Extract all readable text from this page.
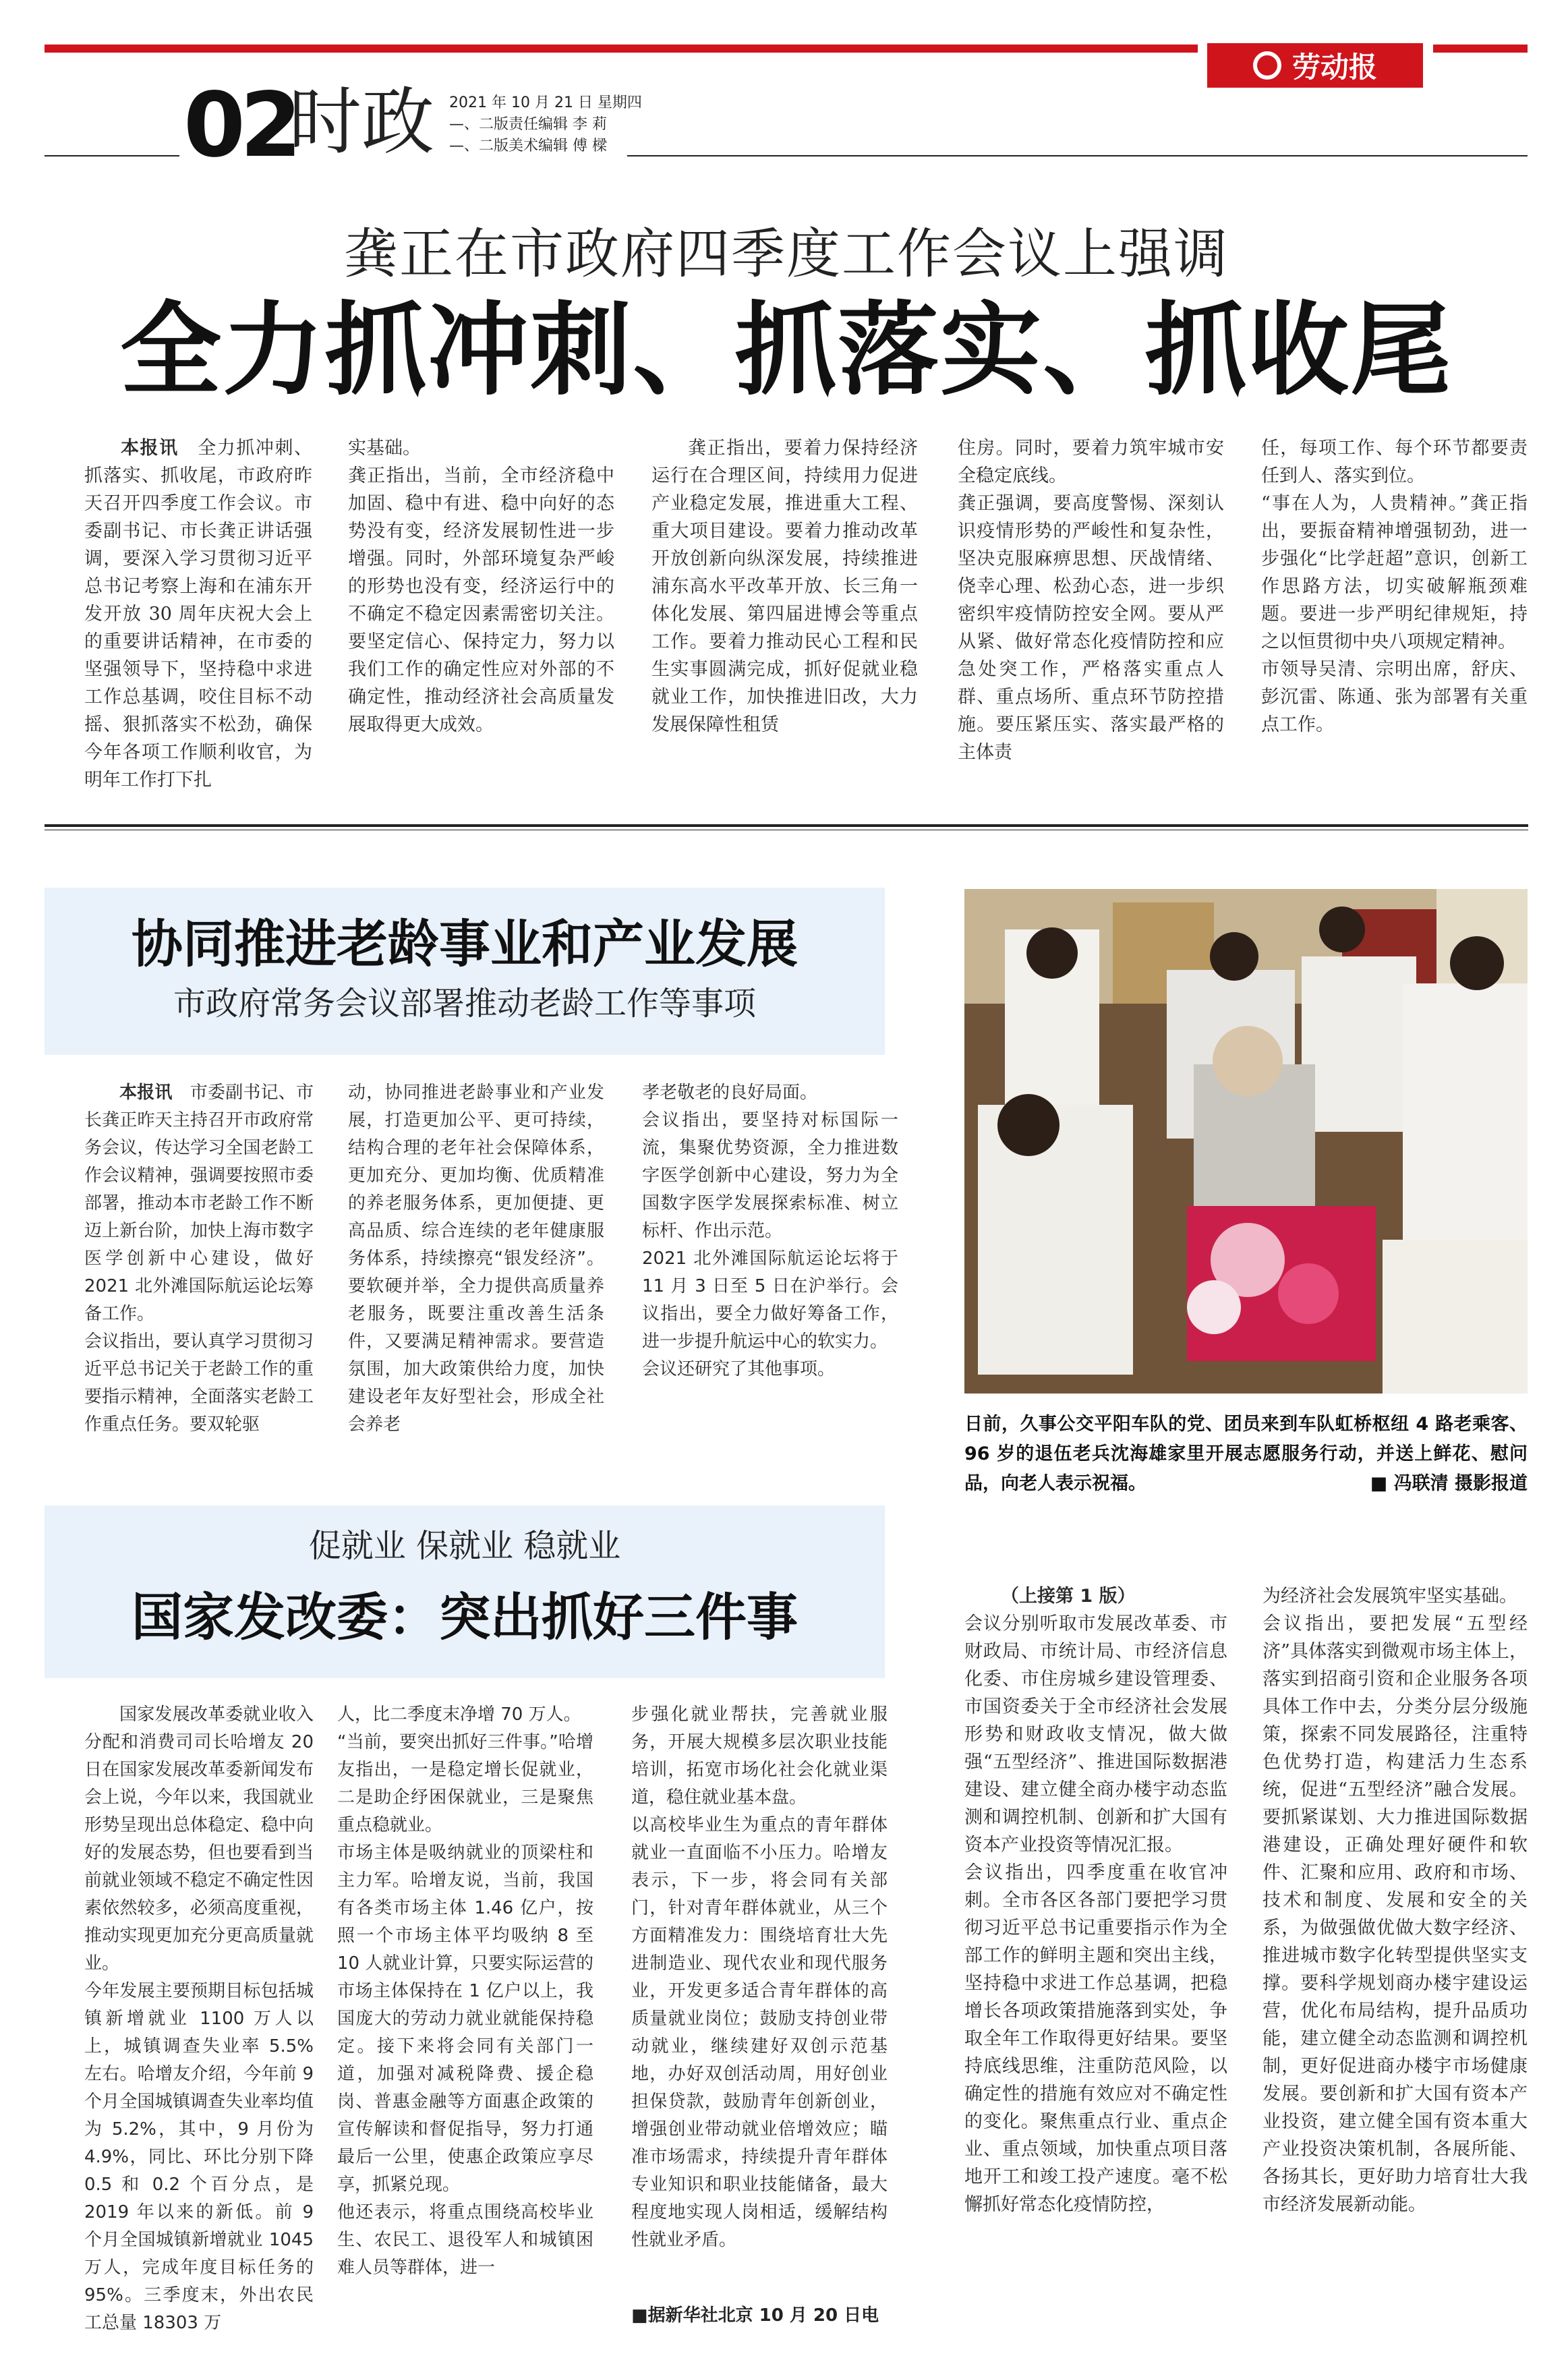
劳动报
02
时政 2021 年 10 月 21 日 星期四
—、二版责任编辑 李 莉
—、二版美术编辑 傅 樑
龚正在市政府四季度工作会议上强调
全力抓冲刺、抓落实、抓收尾
本报讯　 全力抓冲刺、抓落实、抓收尾，市政府昨天召开四季度工作会议。市委副书记、市长龚正讲话强调，要深入学习贯彻习近平总书记考察上海和在浦东开发开放 30 周年庆祝大会上的重要讲话精神，在市委的坚强领导下，坚持稳中求进工作总基调，咬住目标不动摇、狠抓落实不松劲，确保今年各项工作顺利收官，为明年工作打下扎
实基础。
龚正指出，当前，全市经济稳中加固、稳中有进、稳中向好的态势没有变，经济发展韧性进一步增强。同时，外部环境复杂严峻的形势也没有变，经济运行中的不确定不稳定因素需密切关注。要坚定信心、保持定力，努力以我们工作的确定性应对外部的不确定性，推动经济社会高质量发展取得更大成效。
龚正指出，要着力保持经济运行在合理区间，持续用力促进产业稳定发展，推进重大工程、重大项目建设。要着力推动改革开放创新向纵深发展，持续推进浦东高水平改革开放、长三角一体化发展、第四届进博会等重点工作。要着力推动民心工程和民生实事圆满完成，抓好促就业稳就业工作，加快推进旧改，大力发展保障性租赁
住房。同时，要着力筑牢城市安全稳定底线。
龚正强调，要高度警惕、深刻认识疫情形势的严峻性和复杂性，坚决克服麻痹思想、厌战情绪、侥幸心理、松劲心态，进一步织密织牢疫情防控安全网。要从严从紧、做好常态化疫情防控和应急处突工作，严格落实重点人群、重点场所、重点环节防控措施。要压紧压实、落实最严格的主体责
任，每项工作、每个环节都要责任到人、落实到位。
“事在人为，人贵精神。”龚正指出，要振奋精神增强韧劲，进一步强化“比学赶超”意识，创新工作思路方法，切实破解瓶颈难题。要进一步严明纪律规矩，持之以恒贯彻中央八项规定精神。
市领导吴清、宗明出席，舒庆、彭沉雷、陈通、张为部署有关重点工作。
协同推进老龄事业和产业发展
市政府常务会议部署推动老龄工作等事项
本报讯　 市委副书记、市长龚正昨天主持召开市政府常务会议，传达学习全国老龄工作会议精神，强调要按照市委部署，推动本市老龄工作不断迈上新台阶，加快上海市数字医学创新中心建设，做好 2021 北外滩国际航运论坛筹备工作。
会议指出，要认真学习贯彻习近平总书记关于老龄工作的重要指示精神，全面落实老龄工作重点任务。要双轮驱
动，协同推进老龄事业和产业发展，打造更加公平、更可持续，结构合理的老年社会保障体系，更加充分、更加均衡、优质精准的养老服务体系，更加便捷、更高品质、综合连续的老年健康服务体系，持续擦亮“银发经济”。要软硬并举，全力提供高质量养老服务，既要注重改善生活条件，又要满足精神需求。要营造氛围，加大政策供给力度，加快建设老年友好型社会，形成全社会养老
孝老敬老的良好局面。
会议指出，要坚持对标国际一流，集聚优势资源，全力推进数字医学创新中心建设，努力为全国数字医学发展探索标准、树立标杆、作出示范。
2021 北外滩国际航运论坛将于 11 月 3 日至 5 日在沪举行。会议指出，要全力做好筹备工作，进一步提升航运中心的软实力。
会议还研究了其他事项。
日前，久事公交平阳车队的党、团员来到车队虹桥枢纽 4 路老乘客、96 岁的退伍老兵沈海雄家里开展志愿服务行动，并送上鲜花、慰问品，向老人表示祝福。	■ 冯联清 摄影报道
促就业 保就业 稳就业
国家发改委：突出抓好三件事
国家发展改革委就业收入分配和消费司司长哈增友 20 日在国家发展改革委新闻发布会上说，今年以来，我国就业形势呈现出总体稳定、稳中向好的发展态势，但也要看到当前就业领域不稳定不确定性因素依然较多，必须高度重视，推动实现更加充分更高质量就业。
今年发展主要预期目标包括城镇新增就业 1100 万人以上，城镇调查失业率 5.5% 左右。哈增友介绍，今年前 9 个月全国城镇调查失业率均值为 5.2%，其中，9 月份为 4.9%，同比、环比分别下降 0.5 和 0.2 个百分点，是 2019 年以来的新低。前 9 个月全国城镇新增就业 1045 万人，完成年度目标任务的 95%。三季度末，外出农民工总量 18303 万
人，比二季度末净增 70 万人。
“当前，要突出抓好三件事。”哈增友指出，一是稳定增长促就业，二是助企纾困保就业，三是聚焦重点稳就业。
市场主体是吸纳就业的顶梁柱和主力军。哈增友说，当前，我国有各类市场主体 1.46 亿户，按照一个市场主体平均吸纳 8 至 10 人就业计算，只要实际运营的市场主体保持在 1 亿户以上，我国庞大的劳动力就业就能保持稳定。接下来将会同有关部门一道，加强对减税降费、援企稳岗、普惠金融等方面惠企政策的宣传解读和督促指导，努力打通最后一公里，使惠企政策应享尽享，抓紧兑现。
他还表示，将重点围绕高校毕业生、农民工、退役军人和城镇困难人员等群体，进一
步强化就业帮扶，完善就业服务，开展大规模多层次职业技能培训，拓宽市场化社会化就业渠道，稳住就业基本盘。
以高校毕业生为重点的青年群体就业一直面临不小压力。哈增友表示，下一步，将会同有关部门，针对青年群体就业，从三个方面精准发力：围绕培育壮大先进制造业、现代农业和现代服务业，开发更多适合青年群体的高质量就业岗位；鼓励支持创业带动就业，继续建好双创示范基地，办好双创活动周，用好创业担保贷款，鼓励青年创新创业，增强创业带动就业倍增效应；瞄准市场需求，持续提升青年群体专业知识和职业技能储备，最大程度地实现人岗相适，缓解结构性就业矛盾。
■据新华社北京 10 月 20 日电
（上接第 1 版）
会议分别听取市发展改革委、市财政局、市统计局、市经济信息化委、市住房城乡建设管理委、市国资委关于全市经济社会发展形势和财政收支情况，做大做强“五型经济”、推进国际数据港建设、建立健全商办楼宇动态监测和调控机制、创新和扩大国有资本产业投资等情况汇报。
会议指出，四季度重在收官冲刺。全市各区各部门要把学习贯彻习近平总书记重要指示作为全部工作的鲜明主题和突出主线，坚持稳中求进工作总基调，把稳增长各项政策措施落到实处，争取全年工作取得更好结果。要坚持底线思维，注重防范风险，以确定性的措施有效应对不确定性的变化。聚焦重点行业、重点企业、重点领域，加快重点项目落地开工和竣工投产速度。毫不松懈抓好常态化疫情防控，
为经济社会发展筑牢坚实基础。
会议指出，要把发展“五型经济”具体落实到微观市场主体上，落实到招商引资和企业服务各项具体工作中去，分类分层分级施策，探索不同发展路径，注重特色优势打造，构建活力生态系统，促进“五型经济”融合发展。要抓紧谋划、大力推进国际数据港建设，正确处理好硬件和软件、汇聚和应用、政府和市场、技术和制度、发展和安全的关系，为做强做优做大数字经济、推进城市数字化转型提供坚实支撑。要科学规划商办楼宇建设运营，优化布局结构，提升品质功能，建立健全动态监测和调控机制，更好促进商办楼宇市场健康发展。要创新和扩大国有资本产业投资，建立健全国有资本重大产业投资决策机制，各展所能、各扬其长，更好助力培育壮大我市经济发展新动能。
